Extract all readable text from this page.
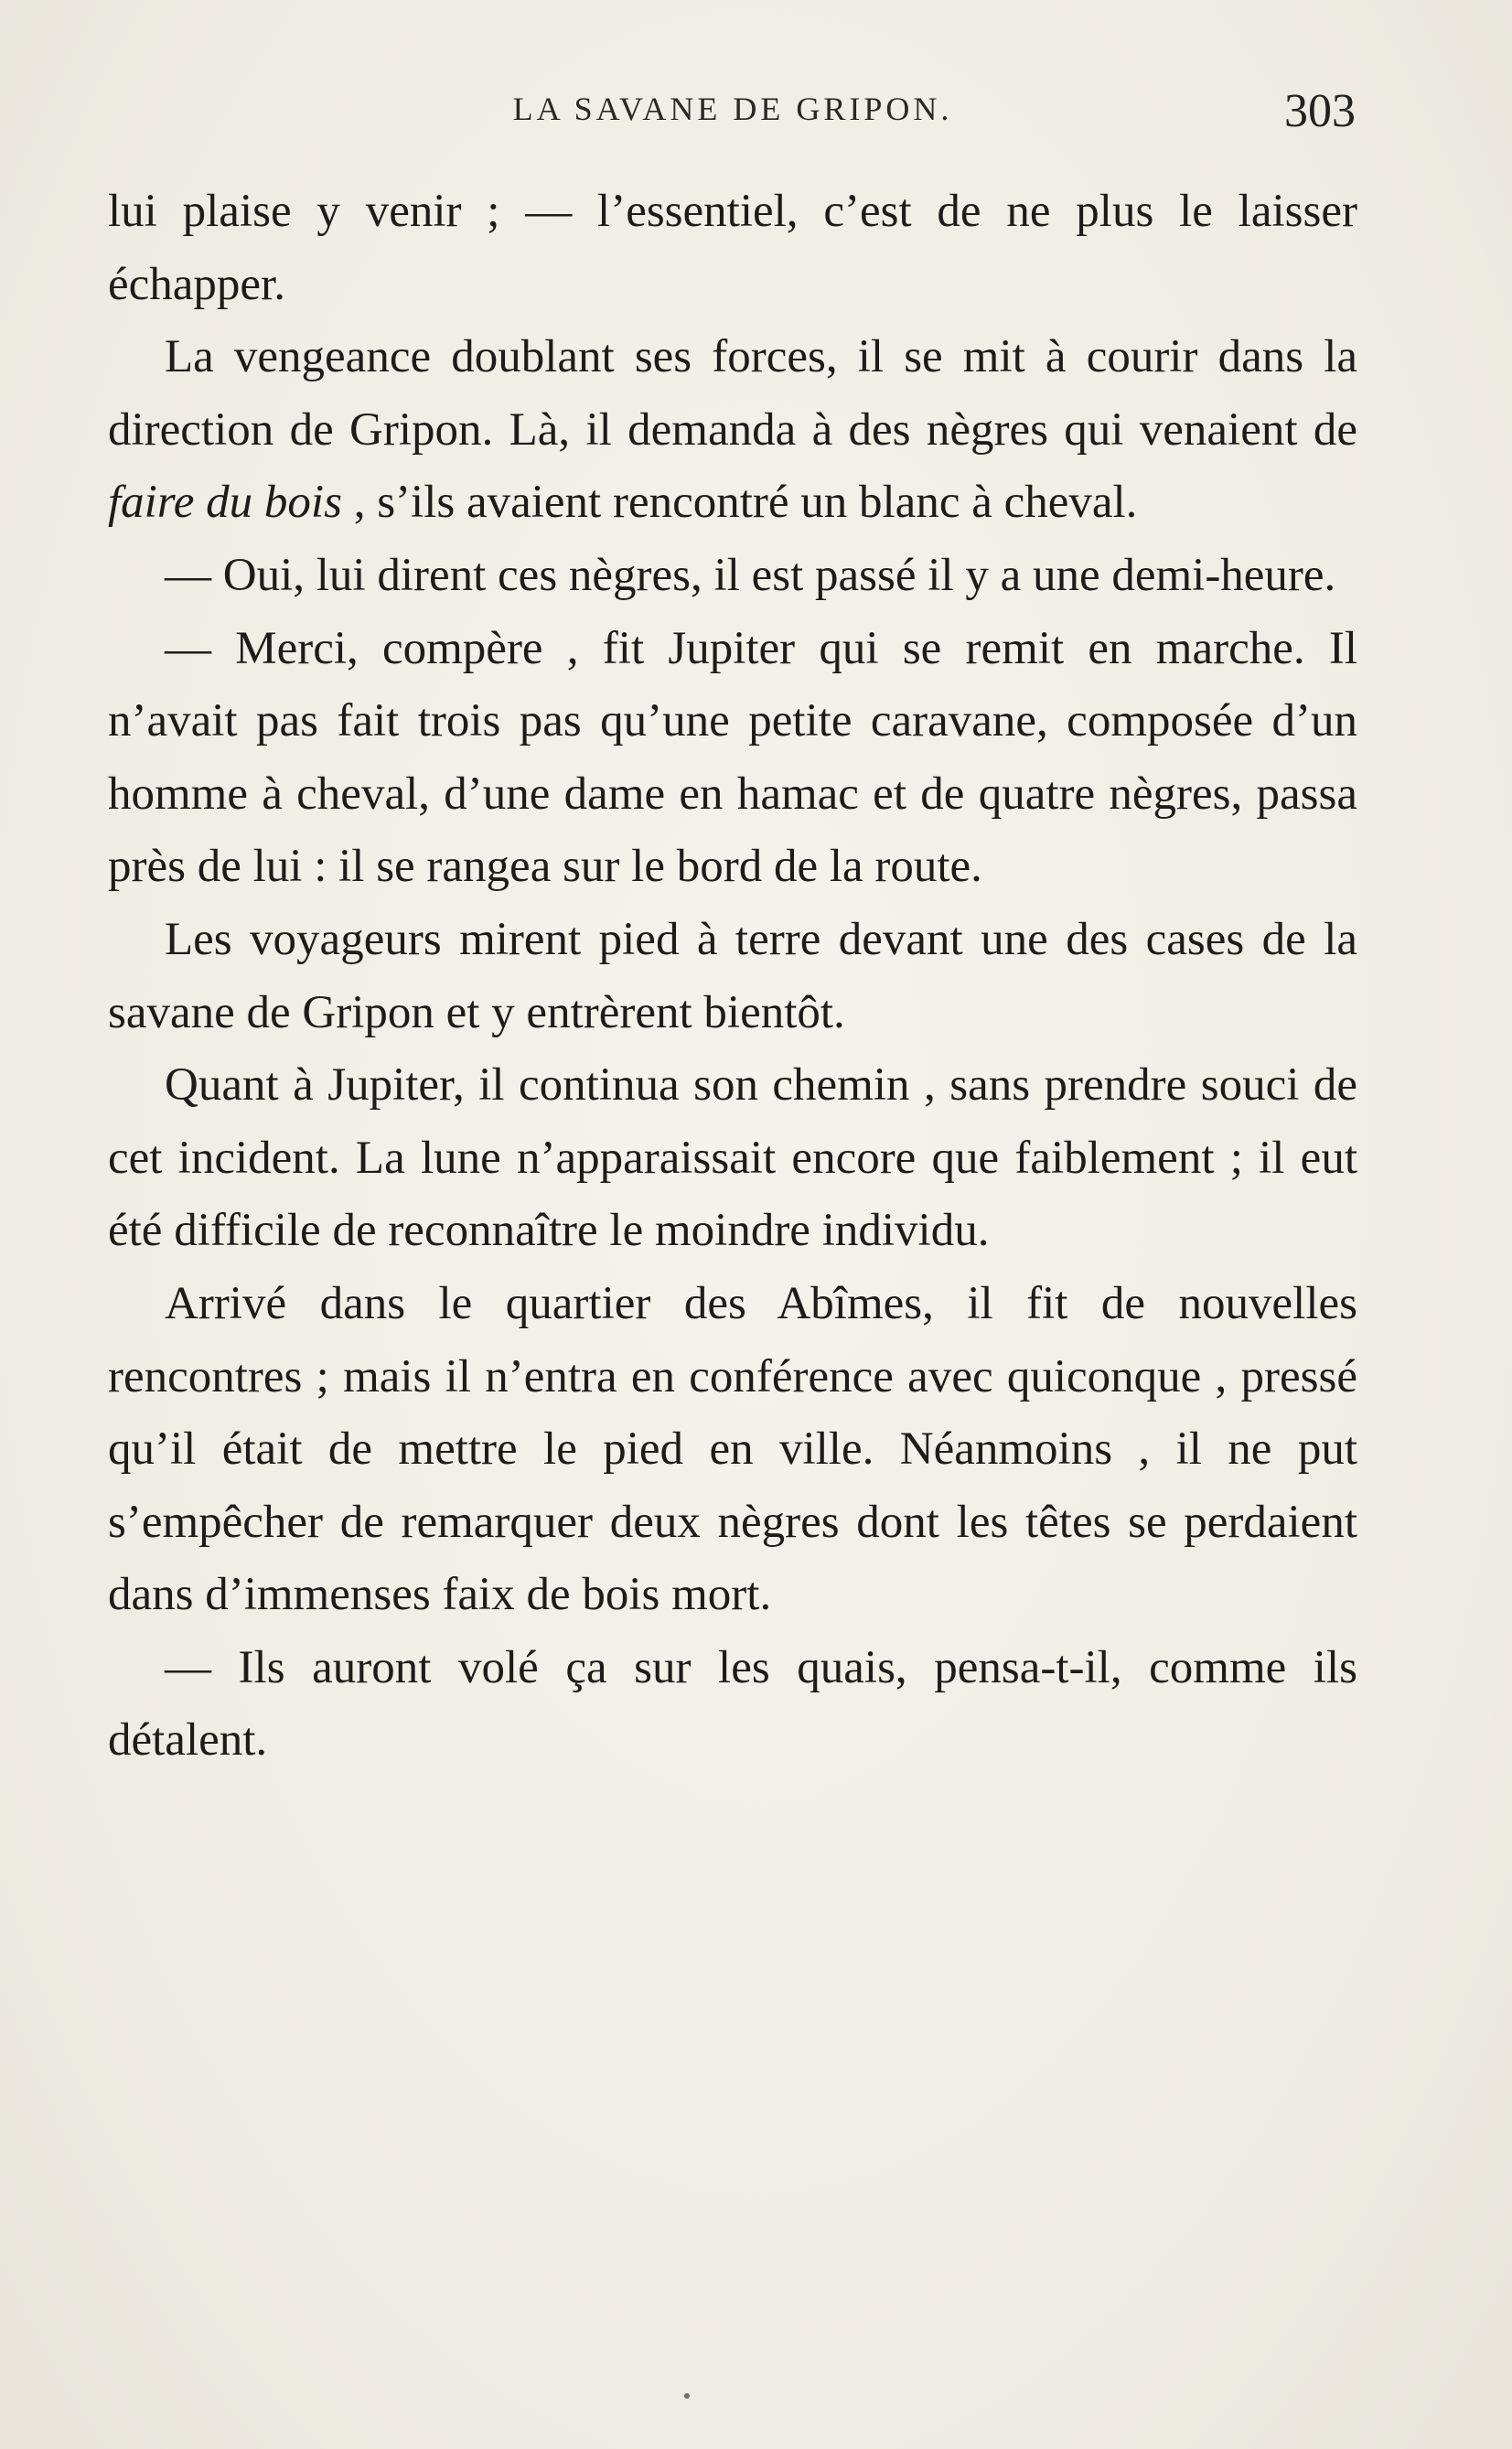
LA SAVANE DE GRIPON.	303

lui plaise y venir ; — l’essentiel, c’est de ne plus le laisser échapper.

La vengeance doublant ses forces, il se mit à courir dans la direction de Gripon. Là, il demanda à des nègres qui venaient de faire du bois , s’ils avaient rencontré un blanc à cheval.

— Oui, lui dirent ces nègres, il est passé il y a une demi-heure.

— Merci, compère , fit Jupiter qui se remit en marche. Il n’avait pas fait trois pas qu’une petite caravane, composée d’un homme à cheval, d’une dame en hamac et de quatre nègres, passa près de lui : il se rangea sur le bord de la route.

Les voyageurs mirent pied à terre devant une des cases de la savane de Gripon et y entrèrent bientôt.

Quant à Jupiter, il continua son chemin , sans prendre souci de cet incident. La lune n’apparaissait encore que faiblement ; il eut été difficile de reconnaître le moindre individu.

Arrivé dans le quartier des Abîmes, il fit de nouvelles rencontres ; mais il n’entra en conférence avec quiconque , pressé qu’il était de mettre le pied en ville. Néanmoins , il ne put s’empêcher de remarquer deux nègres dont les têtes se perdaient dans d’immenses faix de bois mort.

— Ils auront volé ça sur les quais, pensa-t-il, comme ils détalent.
